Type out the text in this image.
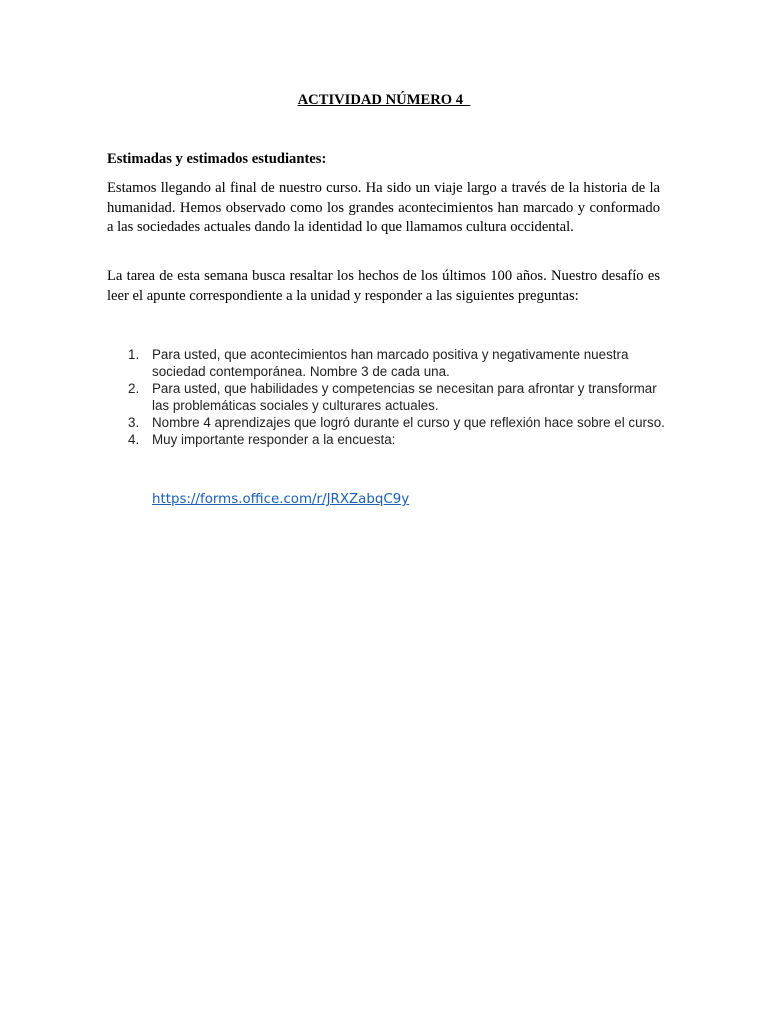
ACTIVIDAD NÚMERO 4

Estimadas y estimados estudiantes:

Estamos llegando al final de nuestro curso. Ha sido un viaje largo a través de la historia de la humanidad. Hemos observado como los grandes acontecimientos han marcado y conformado a las sociedades actuales dando la identidad lo que llamamos cultura occidental.

La tarea de esta semana busca resaltar los hechos de los últimos 100 años. Nuestro desafío es leer el apunte correspondiente a la unidad y responder a las siguientes preguntas:

1. Para usted, que acontecimientos han marcado positiva y negativamente nuestra sociedad contemporánea. Nombre 3 de cada una.
2. Para usted, que habilidades y competencias se necesitan para afrontar y transformar las problemáticas sociales y culturares actuales.
3. Nombre 4 aprendizajes que logró durante el curso y que reflexión hace sobre el curso.
4. Muy importante responder a la encuesta:
https://forms.office.com/r/JRXZabqC9y
